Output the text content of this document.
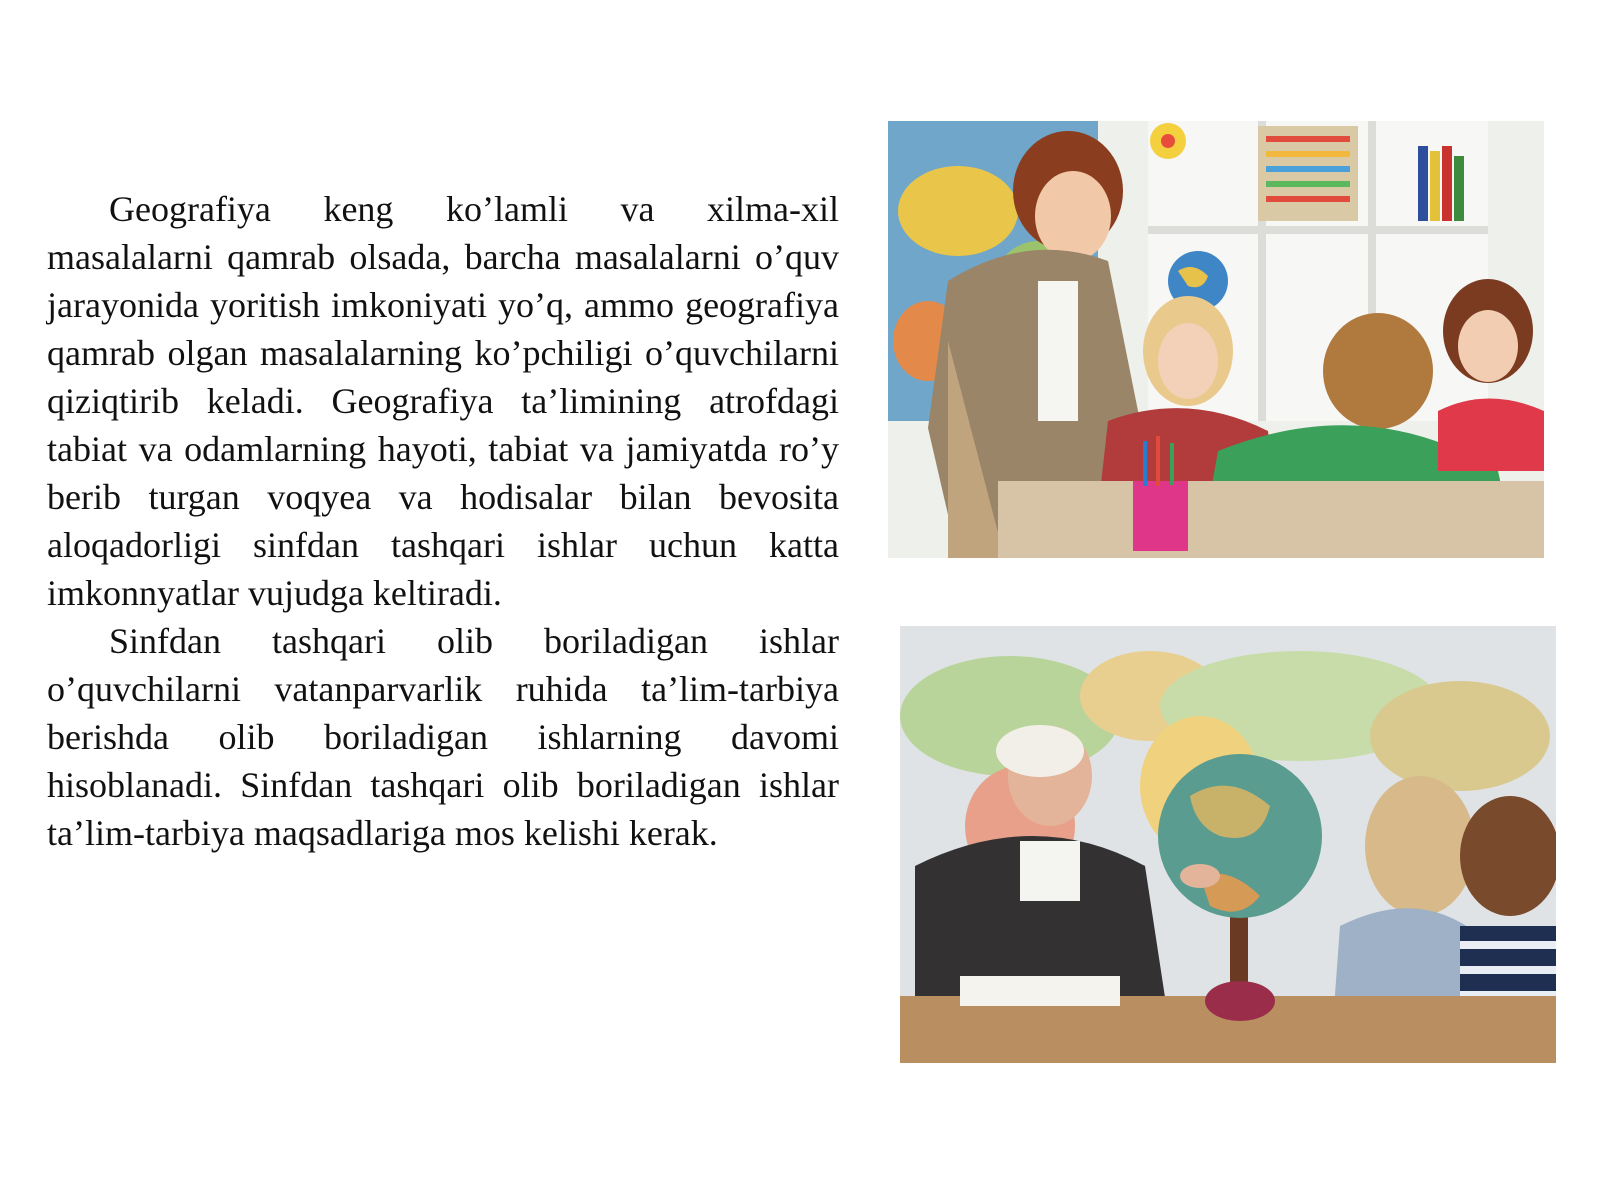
Geografiya keng ko’lamli va xilma-xil masalalarni qamrab olsada, barcha masalalarni o’quv jarayonida yoritish imkoniyati yo’q, ammo geografiya qamrab olgan masalalarning ko’pchiligi o’quvchilarni qiziqtirib keladi. Geografiya ta’limining atrofdagi tabiat va odamlarning hayoti, tabiat va jamiyatda ro’y berib turgan voqyea va hodisalar bilan bevosita aloqadorligi sinfdan tashqari ishlar uchun katta imkonnyatlar vujudga keltiradi.

Sinfdan tashqari olib boriladigan ishlar o’quvchilarni vatanparvarlik ruhida ta’lim-tarbiya berishda olib boriladigan ishlarning davomi hisoblanadi. Sinfdan tashqari olib boriladigan ishlar ta’lim-tarbiya maqsadlariga mos kelishi kerak.
